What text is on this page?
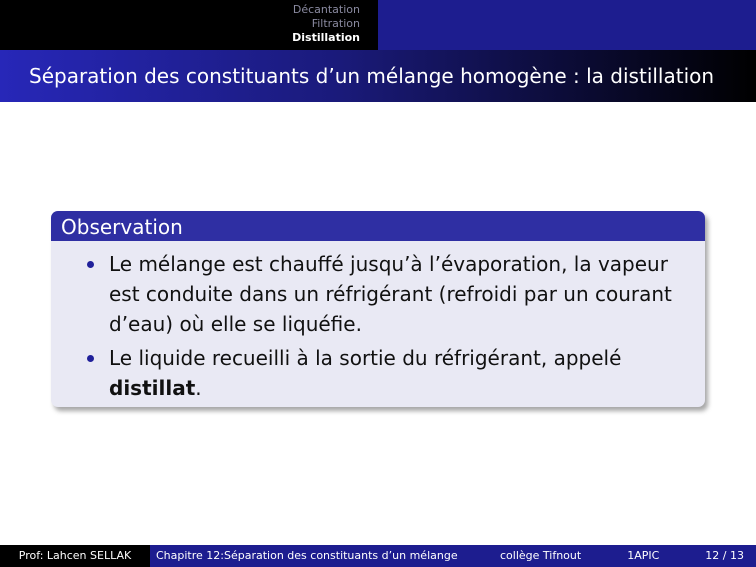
Décantation
Filtration
Distillation
Séparation des constituants d’un mélange homogène : la distillation
Observation
Le mélange est chauffé jusqu’à l’évaporation, la vapeur est conduite dans un réfrigérant (refroidi par un courant d’eau) où elle se liquéfie.
Le liquide recueilli à la sortie du réfrigérant, appelé distillat.
Prof: Lahcen SELLAK	Chapitre 12:Séparation des constituants d’un mélange	collège Tifnout	1APIC	12 / 13
